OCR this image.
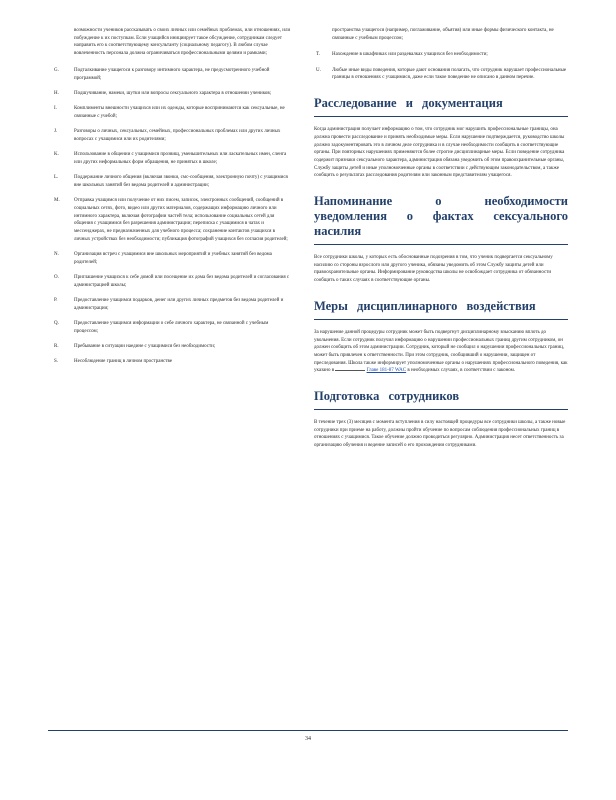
возможности учеников рассказывать о своих личных или семейных проблемах, или отношениях, или побуждение к их поступкам. Если учащийся инициирует такое обсуждение, сотрудникам следует направить его к соответствующему консультанту (социальному педагогу). В любом случае вовлеченность персонала должна ограничиваться профессиональными целями и рамками;

G.	Подталкивание учащегося к разговору интимного характера, не предусмотренного учебной программой;
H.	Подшучивание, намеки, шутки или вопросы сексуального характера в отношении учеников;
I.	Комплименты внешности учащихся или их одежды, которые воспринимаются как сексуальные, не связанные с учебой;
J.	Разговоры о личных, сексуальных, семейных, профессиональных проблемах или других личных вопросах с учащимися или их родителями;
K.	Использование в общении с учащимися прозвищ, уменьшительных или ласкательных имен, сленга или других неформальных форм обращения, не принятых в школе;
L.	Поддержание личного общения (включая звонки, смс-сообщения, электронную почту) с учащимися вне школьных занятий без ведома родителей и администрации;
M.	Отправка учащимся или получение от них писем, записок, электронных сообщений, сообщений в социальных сетях, фото, видео или других материалов, содержащих информацию личного или интимного характера, включая фотографии частей тела; использование социальных сетей для общения с учащимися без разрешения администрации; переписка с учащимися в чатах и мессенджерах, не предназначенных для учебного процесса; сохранение контактов учащихся в личных устройствах без необходимости; публикация фотографий учащихся без согласия родителей;
N.	Организация встреч с учащимися вне школьных мероприятий и учебных занятий без ведома родителей;
O.	Приглашение учащихся к себе домой или посещение их дома без ведома родителей и согласования с администрацией школы;
P.	Предоставление учащимся подарков, денег или других личных предметов без ведома родителей и администрации;
Q.	Предоставление учащимся информации о себе личного характера, не связанной с учебным процессом;
R.	Пребывание в ситуации наедине с учащимися без необходимости;
S.	Несоблюдение границ в личном пространстве

пространства учащегося (например, поглаживание, объятия) или иные формы физического контакта, не связанные с учебным процессом;

T.	Нахождение в шкафчиках или раздевалках учащихся без необходимости;
U.	Любые иные виды поведения, которые дают основания полагать, что сотрудник нарушает профессиональные границы в отношениях с учащимися, даже если такое поведение не описано в данном перечне.
Расследование и документация

Когда администрация получает информацию о том, что сотрудник мог нарушить профессиональные границы, она должна провести расследование и принять необходимые меры. Если нарушение подтверждается, руководство школы должно задокументировать это в личном деле сотрудника и в случае необходимости сообщить в соответствующие органы. При повторных нарушениях применяются более строгие дисциплинарные меры. Если поведение сотрудника содержит признаки сексуального характера, администрация обязана уведомить об этом правоохранительные органы, Службу защиты детей и иные уполномоченные органы в соответствии с действующим законодательством, а также сообщить о результатах расследования родителям или законным представителям учащегося.

Напоминание о необходимости уведомления о фактах сексуального насилия

Все сотрудники школы, у которых есть обоснованные подозрения в том, что ученик подвергается сексуальному насилию со стороны взрослого или другого ученика, обязаны уведомить об этом Службу защиты детей или правоохранительные органы. Информирование руководства школы не освобождает сотрудника от обязанности сообщить о таких случаях в соответствующие органы.

Меры дисциплинарного воздействия

За нарушение данной процедуры сотрудник может быть подвергнут дисциплинарному взысканию вплоть до увольнения. Если сотрудник получил информацию о нарушении профессиональных границ другим сотрудником, он должен сообщить об этом администрации. Сотрудник, который не сообщил о нарушении профессиональных границ, может быть привлечен к ответственности. При этом сотрудник, сообщивший о нарушении, защищен от преследования. Школа также информирует уполномоченные органы о нарушениях профессионального поведения, как указано в	Главе 181-87 WAC в необходимых случаях, в соответствии с законом.

Подготовка сотрудников

В течение трех (3) месяцев с момента вступления в силу настоящей процедуры все сотрудники школы, а также новые сотрудники при приеме на работу, должны пройти обучение по вопросам соблюдения профессиональных границ в отношениях с учащимися. Такое обучение должно проводиться регулярно. Администрация несет ответственность за организацию обучения и ведение записей о его прохождении сотрудниками.

34
